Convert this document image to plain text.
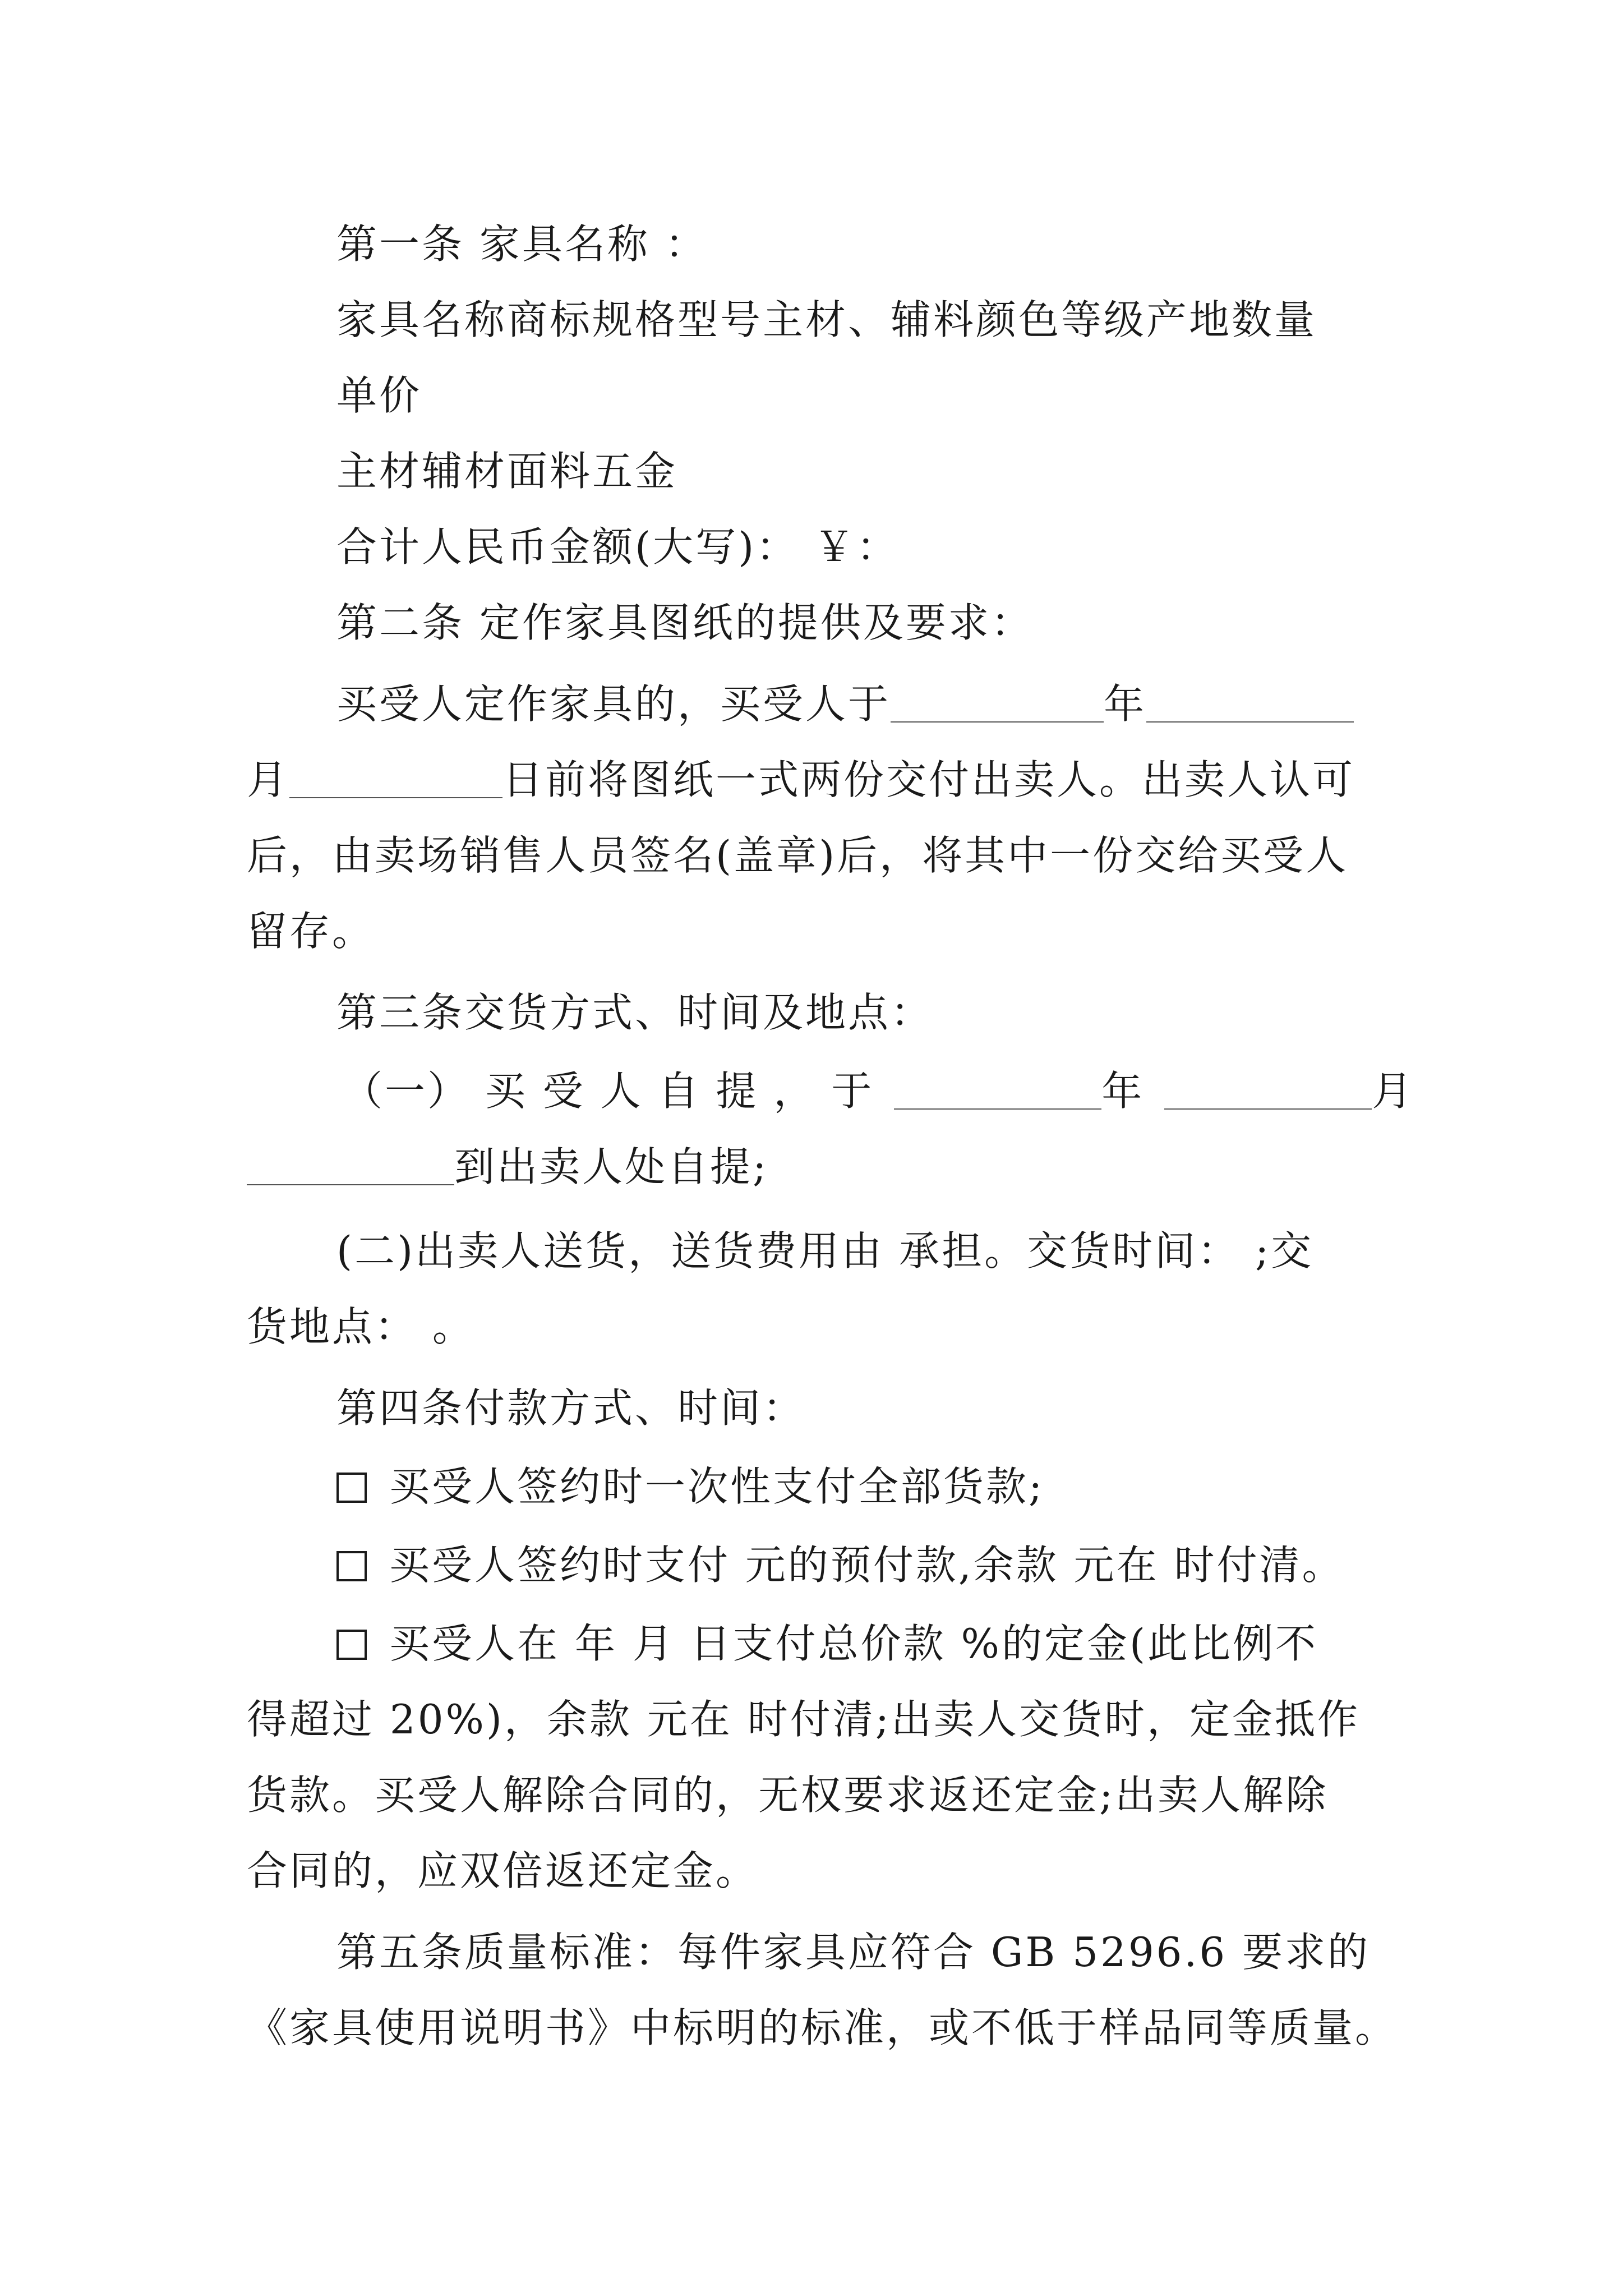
第一条 家具名称 ：
家具名称商标规格型号主材、辅料颜色等级产地数量
单价
主材辅材面料五金
合计人民币金额(大写)： ￥：
第二条 定作家具图纸的提供及要求：
买受人定作家具的，买受人于	年
月	日前将图纸一式两份交付出卖人。出卖人认可
后，由卖场销售人员签名(盖章)后，将其中一份交给买受人
留存。
第三条交货方式、时间及地点：
（一） 买 受 人 自 提 ， 于	年	月
到出卖人处自提;
(二)出卖人送货，送货费用由 承担。交货时间： ;交
货地点： 。
第四条付款方式、时间：
买受人签约时一次性支付全部货款;
买受人签约时支付 元的预付款,余款 元在 时付清。
买受人在 年 月 日支付总价款 %的定金(此比例不
得超过 20%)，余款 元在 时付清;出卖人交货时，定金抵作
货款。买受人解除合同的，无权要求返还定金;出卖人解除
合同的，应双倍返还定金。
第五条质量标准：每件家具应符合 GB 5296.6 要求的
《家具使用说明书》中标明的标准，或不低于样品同等质量。
